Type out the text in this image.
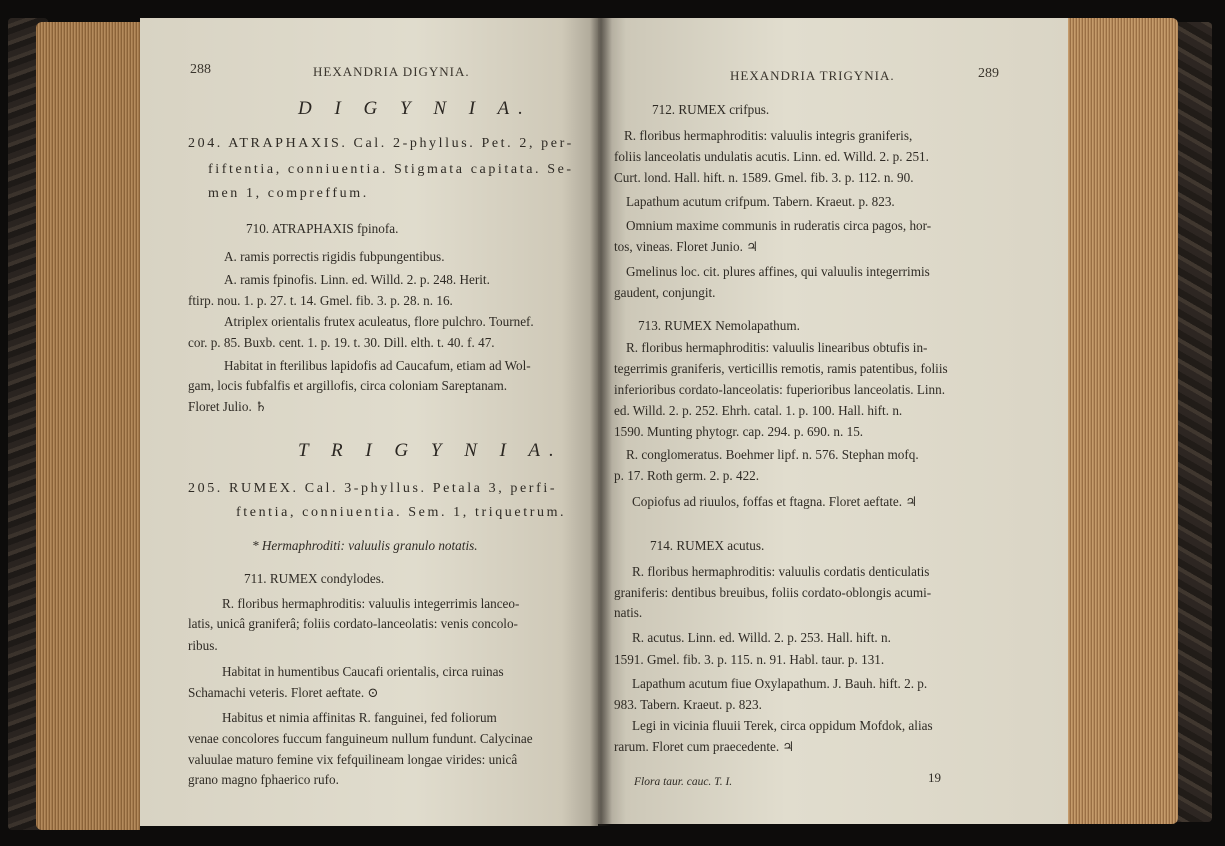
288	HEXANDRIA DIGYNIA.
D I G Y N I A.
204. ATRAPHAXIS. Cal. 2-phyllus. Pet. 2, per-
fiftentia, conniuentia. Stigmata capitata. Se-
men 1, compreffum.
710. ATRAPHAXIS fpinofa.
A. ramis porrectis rigidis fubpungentibus.
A. ramis fpinofis. Linn. ed. Willd. 2. p. 248. Herit.
ftirp. nou. 1. p. 27. t. 14. Gmel. fib. 3. p. 28. n. 16.
Atriplex orientalis frutex aculeatus, flore pulchro. Tournef.
cor. p. 85. Buxb. cent. 1. p. 19. t. 30. Dill. elth. t. 40. f. 47.
Habitat in fterilibus lapidofis ad Caucafum, etiam ad Wol-
gam, locis fubfalfis et argillofis, circa coloniam Sareptanam.
Floret Julio. ♄
T R I G Y N I A.
205. RUMEX. Cal. 3-phyllus. Petala 3, perfi-
ftentia, conniuentia. Sem. 1, triquetrum.
* Hermaphroditi: valuulis granulo notatis.
711. RUMEX condylodes.
R. floribus hermaphroditis: valuulis integerrimis lanceo-
latis, unicâ graniferâ; foliis cordato-lanceolatis: venis concolo-
ribus.
Habitat in humentibus Caucafi orientalis, circa ruinas
Schamachi veteris. Floret aeftate. ⊙
Habitus et nimia affinitas R. fanguinei, fed foliorum
venae concolores fuccum fanguineum nullum fundunt. Calycinae
valuulae maturo femine vix fefquilineam longae virides: unicâ
grano magno fphaerico rufo.
HEXANDRIA TRIGYNIA.	289
712. RUMEX crifpus.
R. floribus hermaphroditis: valuulis integris graniferis,
foliis lanceolatis undulatis acutis. Linn. ed. Willd. 2. p. 251.
Curt. lond. Hall. hift. n. 1589. Gmel. fib. 3. p. 112. n. 90.
Lapathum acutum crifpum. Tabern. Kraeut. p. 823.
Omnium maxime communis in ruderatis circa pagos, hor-
tos, vineas. Floret Junio. ♃
Gmelinus loc. cit. plures affines, qui valuulis integerrimis
gaudent, conjungit.
713. RUMEX Nemolapathum.
R. floribus hermaphroditis: valuulis linearibus obtufis in-
tegerrimis graniferis, verticillis remotis, ramis patentibus, foliis
inferioribus cordato-lanceolatis: fuperioribus lanceolatis. Linn.
ed. Willd. 2. p. 252. Ehrh. catal. 1. p. 100. Hall. hift. n.
1590. Munting phytogr. cap. 294. p. 690. n. 15.
R. conglomeratus. Boehmer lipf. n. 576. Stephan mofq.
p. 17. Roth germ. 2. p. 422.
Copiofus ad riuulos, foffas et ftagna. Floret aeftate. ♃
714. RUMEX acutus.
R. floribus hermaphroditis: valuulis cordatis denticulatis
graniferis: dentibus breuibus, foliis cordato-oblongis acumi-
natis.
R. acutus. Linn. ed. Willd. 2. p. 253. Hall. hift. n.
1591. Gmel. fib. 3. p. 115. n. 91. Habl. taur. p. 131.
Lapathum acutum fiue Oxylapathum. J. Bauh. hift. 2. p.
983. Tabern. Kraeut. p. 823.
Legi in vicinia fluuii Terek, circa oppidum Mofdok, alias
rarum. Floret cum praecedente. ♃
Flora taur. cauc. T. I.	19
